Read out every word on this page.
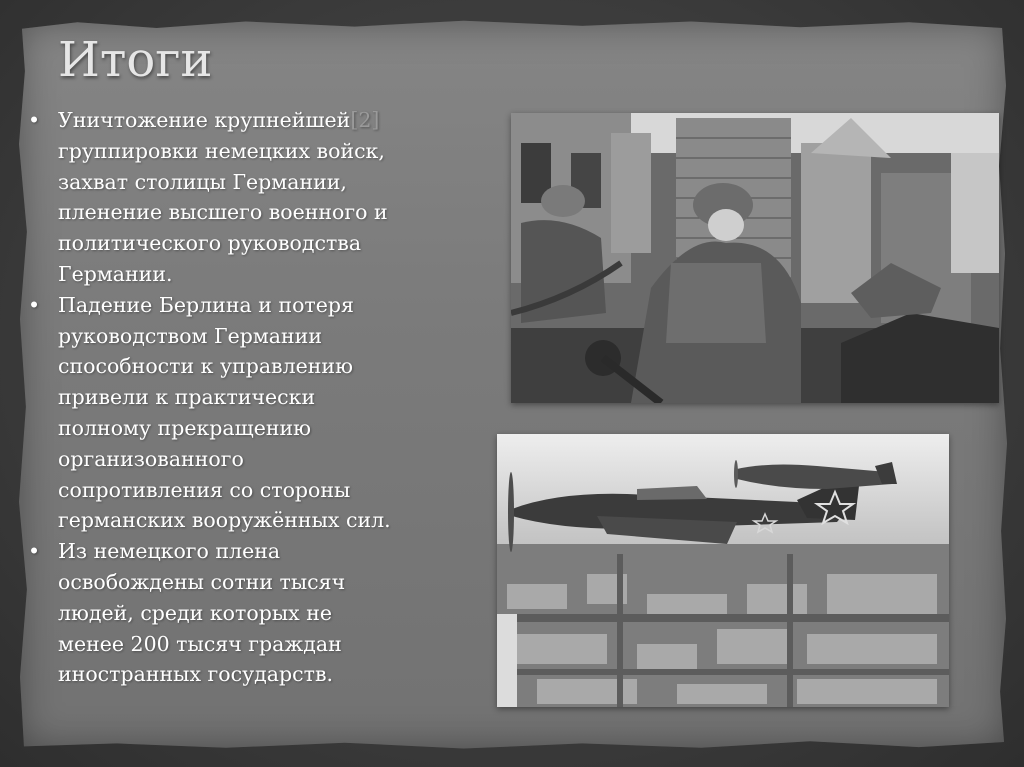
Итоги
• Уничтожение крупнейшей[2] группировки немецких войск, захват столицы Германии, пленение высшего военного и политического руководства Германии.
• Падение Берлина и потеря руководством Германии способности к управлению привели к практически полному прекращению организованного сопротивления со стороны германских вооружённых сил.
• Из немецкого плена освобождены сотни тысяч людей, среди которых не менее 200 тысяч граждан иностранных государств.
